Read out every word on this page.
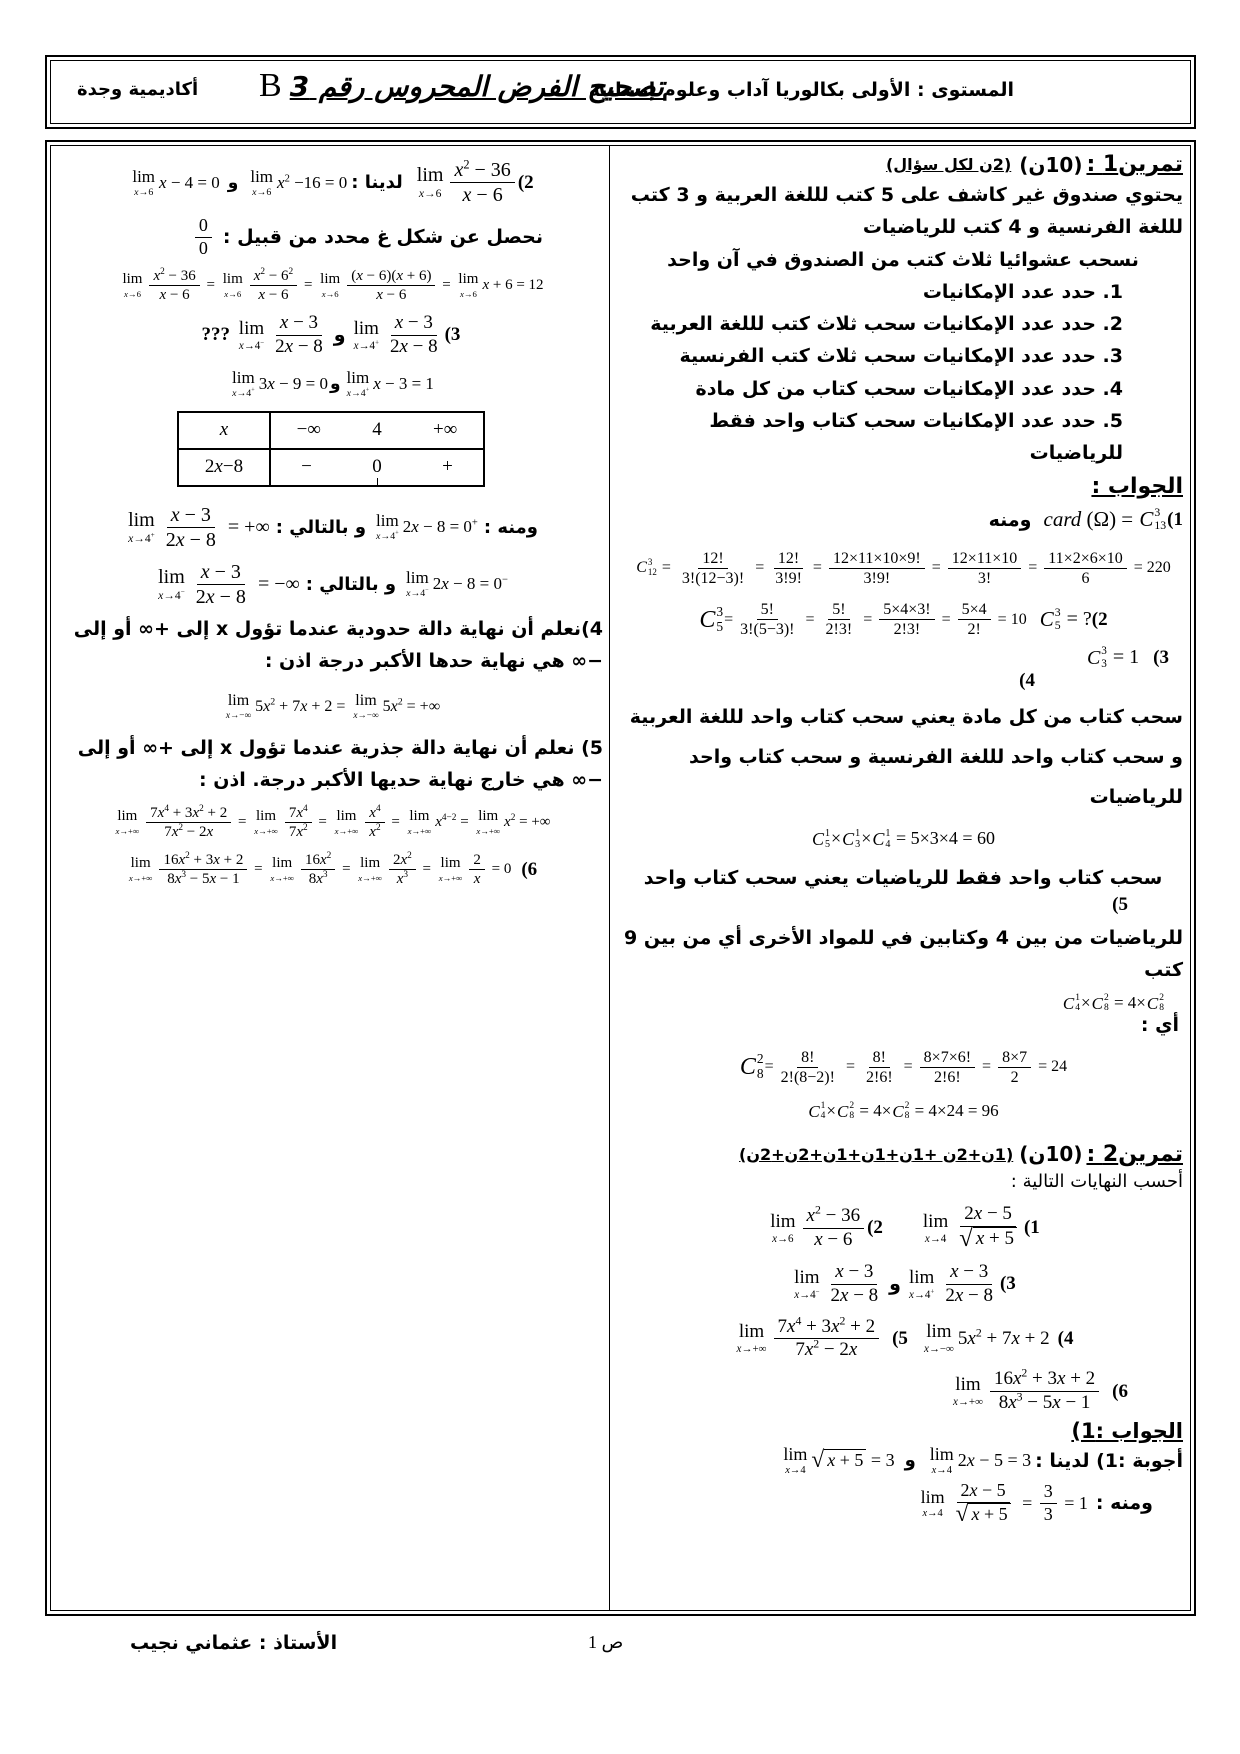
المستوى : الأولى بكالوريا آداب وعلوم إنسانية
B تصحيح الفرض المحروس رقم 3
أكاديمية وجدة
lim
x→6
x − 4 = 0 و lim
x→6
$x^2 -16 = 0$ لدينا : lim
$x\to 6 \frac{x^2 - 36}{x - 6} (2$
$\frac{0}{0}$ نحصل عن شكل غ محدد من قبيل :
lim
$x\to 6 \frac{x^2 - 36}{x - 6} = \lim$
$x\to 6 \frac{x^2 - 6^2}{x - 6} = \lim$
$x\to 6 \frac{(x - 6)(x + 6)}{x - 6} = \lim$
x→6
x + 6 = 12
??? lim
$x\to 4^- \frac{x - 3}{2x - 8}$ و lim
$x\to 4^+ \frac{x - 3}{2x - 8} (3$
lim
x→4+ 3x − 9 = 0 و lim
x→4+ x − 3 = 1
x	−∞	4	+∞
2 x −8	−	0	+
lim
$x\to 4^+ \frac{x - 3}{2x - 8}$ = +∞ و بالتالي : lim
x→4+ 2x − 8 = 0+ ومنه :
lim
$x\to 4^- \frac{x - 3}{2x - 8}$ = −∞ و بالتالي : lim
x→4− 2x − 8 = 0−
4)نعلم أن نهاية دالة حدودية عندما تؤول x إلى +∞ أو إلى −∞ هي نهاية حدها الأكبر درجة اذن :
lim
x→−∞
$5x^2 + 7x + 2 = \lim$
x→−∞
$5x^2$ = +∞
5) نعلم أن نهاية دالة جذرية عندما تؤول x إلى +∞ أو إلى −∞ هي خارج نهاية حديها الأكبر درجة. اذن :
lim
$x\to+\infty \frac{7x^4 + 3x^2 + 2}{7x^2 - 2x} = \lim$
$x\to+\infty \frac{7x^4}{7x^2} = \lim$
$x\to+\infty \frac{x^4}{x^2} = \lim$
x→+∞
$x^{4-2} = \lim$
x→+∞
$x^2$ = +∞
lim
$x\to+\infty \frac{16x^2 + 3x + 2}{8x^3 - 5x - 1} = \lim$
$x\to+\infty \frac{16x^2}{8x^3} = \lim$
$x\to+\infty \frac{2x^2}{x^3} = \lim$
$x\to+\infty \frac{2}{x} = 0$ (6
(2ن لكل سؤال) (10ن) تمرين1 :
يحتوي صندوق غير كاشف على 5 كتب لللغة العربية و 3 كتب لللغة الفرنسية و 4 كتب للرياضيات
نسحب عشوائيا ثلاث كتب من الصندوق في آن واحد
1. حدد عدد الإمكانيات
2. حدد عدد الإمكانيات سحب ثلاث كتب لللغة العربية
3. حدد عدد الإمكانيات سحب ثلاث كتب الفرنسية
4. حدد عدد الإمكانيات سحب كتاب من كل مادة
5. حدد عدد الإمكانيات سحب كتاب واحد فقط للرياضيات
الجواب :
ومنه card (Ω) = C 3
13 (1
C 3
$12 = \frac{12!}{3!(12-3)!} = \frac{12!}{3!9!} = \frac{12\times 11\times 10\times 9!}{3!9!} = \frac{12\times 11\times 10}{3!} = \frac{11\times 2\times 6\times 10}{6} = 220$
C 3
$5 = \frac{5!}{3!(5-3)!} = \frac{5!}{2!3!} = \frac{5\times 4\times 3!}{2!3!} = \frac{5\times 4}{2!} = 10$ C 3
5 = ? (2
C 3
3 = 1 (3
(4
سحب كتاب من كل مادة يعني سحب كتاب واحد لللغة العربية و سحب كتاب واحد لللغة الفرنسية و سحب كتاب واحد للرياضيات
C 1
5 × C 1
3 × C 1
4 = 5×3×4 = 60
سحب كتاب واحد فقط للرياضيات يعني سحب كتاب واحد
(5
للرياضيات من بين 4 وكتابين في للمواد الأخرى أي من بين 9 كتب
C 1
4 × C 2
8 = 4× C 2
8
أي :
C 2
$8 = \frac{8!}{2!(8-2)!} = \frac{8!}{2!6!} = \frac{8\times 7\times 6!}{2!6!} = \frac{8\times 7}{2} = 24$
C 1
4 × C 2
8 = 4× C 2
8 = 4×24 = 96
(1ن+2ن +1ن+1ن+1ن+2ن+2ن) (10ن) تمرين2 :
أحسب النهايات التالية :
lim
$x\to 6 \frac{x^2 - 36}{x - 6} (2$ lim
$x\to 4 \frac{2x - 5}{√ x + 5} (1$
lim
$x\to 4^- \frac{x - 3}{2x - 8}$ و lim
$x\to 4^+ \frac{x - 3}{2x - 8} (3$
lim
$x\to+\infty \frac{7x^4 + 3x^2 + 2}{7x^2 - 2x} (5$ lim
x→−∞
$5x^2 + 7x + 2$ (4
lim
$x\to+\infty \frac{16x^2 + 3x + 2}{8x^3 - 5x - 1} (6$
الجواب :1)
lim
x→4 √ x + 5 = 3 و lim
x→4
2x − 5 = 3 أجوبة :1) لدينا :
lim
$x\to 4 \frac{2x - 5}{√ x + 5} = \frac{3}{3} = 1$ ومنه :
الأستاذ : عثماني نجيب	ص 1
